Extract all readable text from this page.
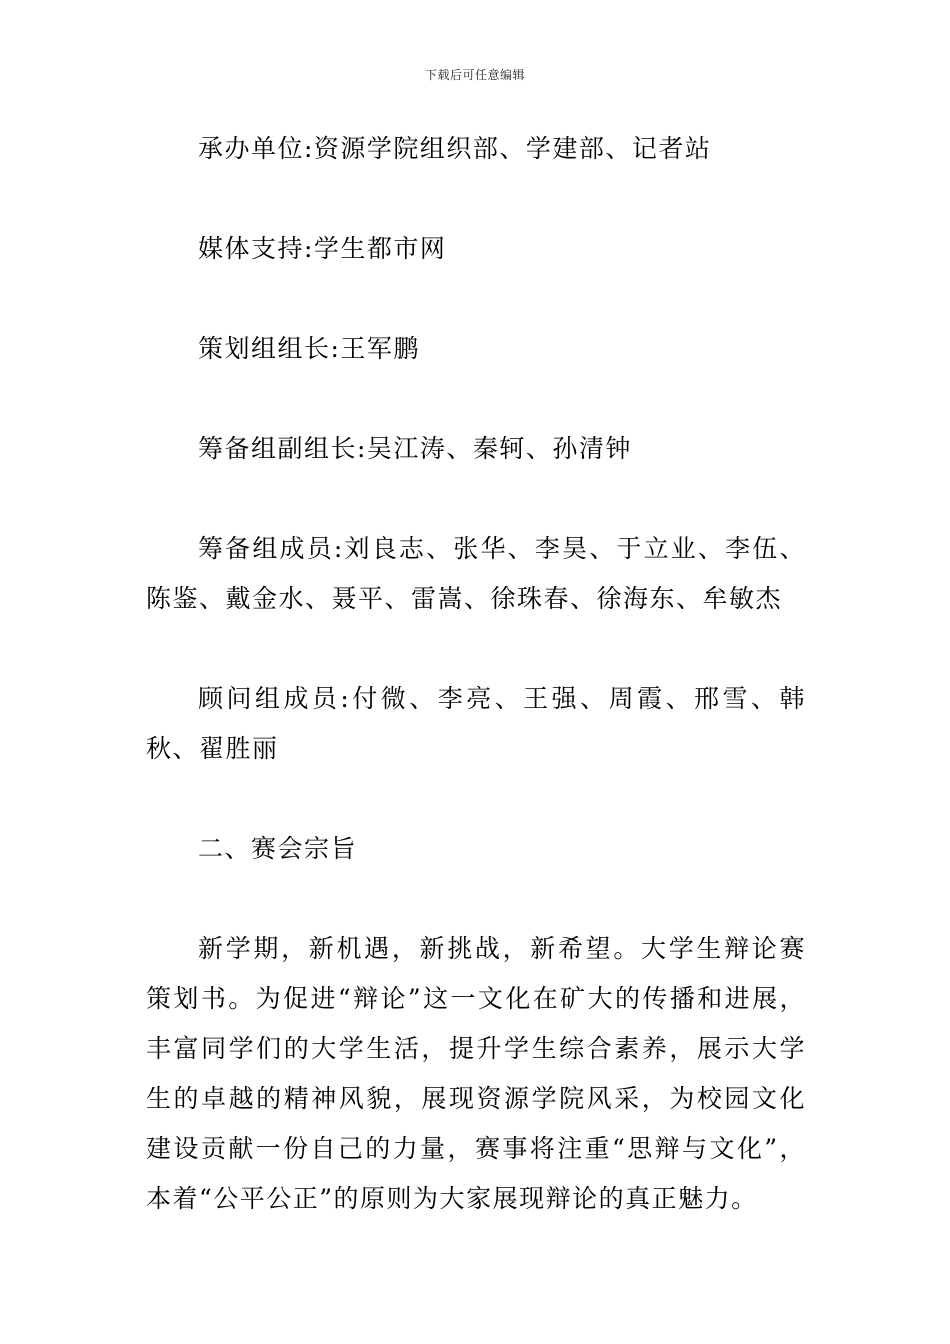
下载后可任意编辑

承办单位:资源学院组织部、学建部、记者站

媒体支持:学生都市网

策划组组长:王军鹏

筹备组副组长:吴江涛、秦轲、孙清钟

筹备组成员:刘良志、张华、李昊、于立业、李伍、陈鉴、戴金水、聂平、雷嵩、徐珠春、徐海东、牟敏杰

顾问组成员:付微、李亮、王强、周霞、邢雪、韩秋、翟胜丽

二、赛会宗旨

新学期，新机遇，新挑战，新希望。大学生辩论赛策划书。为促进“辩论”这一文化在矿大的传播和进展，丰富同学们的大学生活，提升学生综合素养，展示大学生的卓越的精神风貌，展现资源学院风采，为校园文化建设贡献一份自己的力量，赛事将注重“思辩与文化”，本着“公平公正”的原则为大家展现辩论的真正魅力。
